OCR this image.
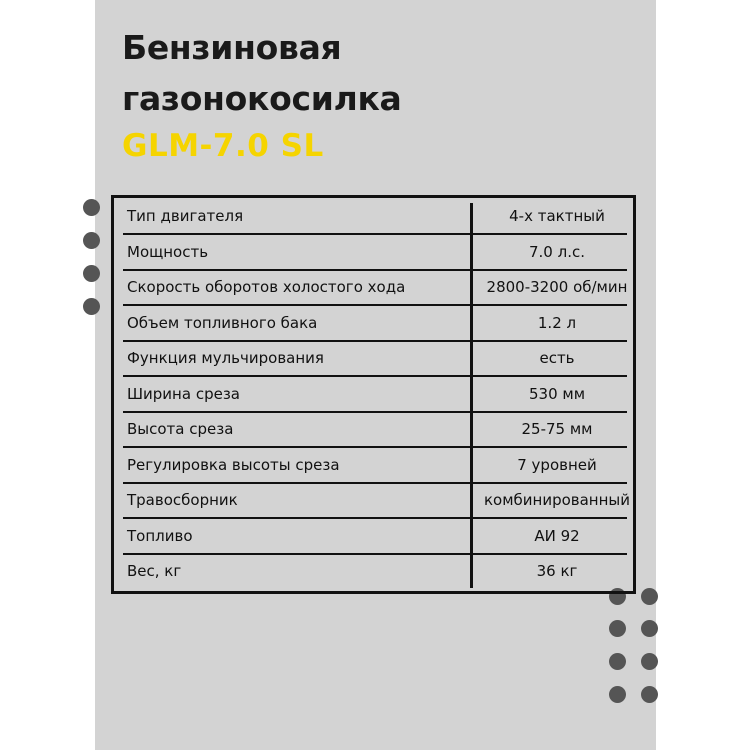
Бензиновая
газонокосилка
GLM-7.0 SL
Тип двигателя	4-х тактный
Мощность	7.0 л.с.
Скорость оборотов холостого хода	2800-3200 об/мин
Объем топливного бака	1.2 л
Функция мульчирования	есть
Ширина среза	530 мм
Высота среза	25-75 мм
Регулировка высоты среза	7 уровней
Травосборник	комбинированный
Топливо	АИ 92
Вес, кг	36 кг
